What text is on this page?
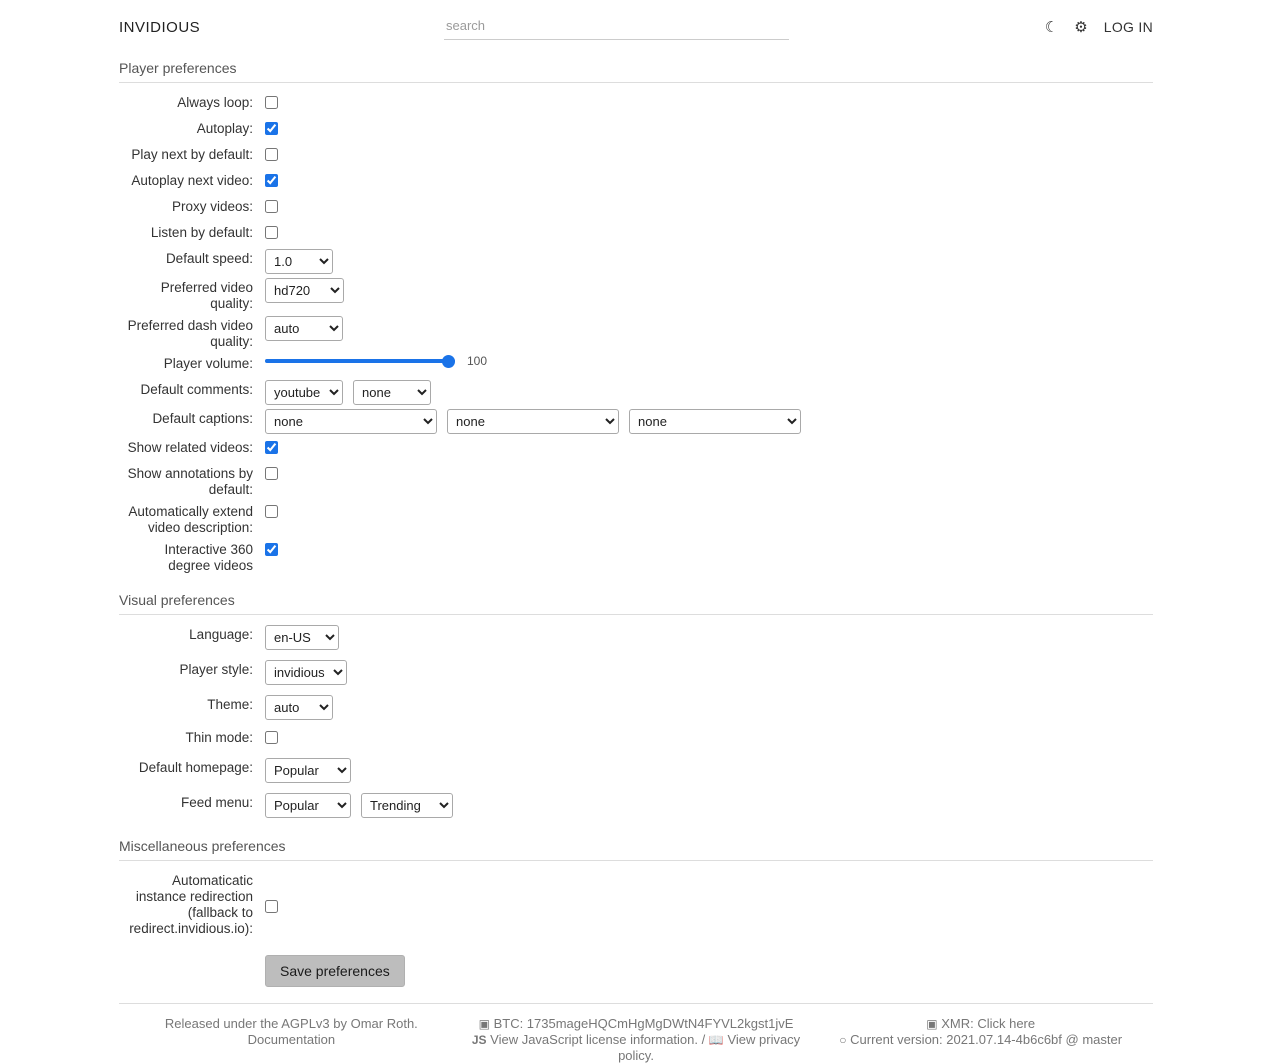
INVIDIOUS
search	☾ ⚙ LOG IN
Player preferences
Always loop:
Autoplay:
Play next by default:
Autoplay next video:
Proxy videos:
Listen by default:
Default speed:
1.0
Preferred video quality:
hd720
Preferred dash video quality:
auto
Player volume:	100
Default comments:
youtube
none
Default captions:
none
none
none
Show related videos:
Show annotations by default:
Automatically extend video description:
Interactive 360 degree videos
Visual preferences
Language:
en-US
Player style:
invidious
Theme:
auto
Thin mode:
Default homepage:
Popular
Feed menu:
Popular
Trending
Miscellaneous preferences
Automaticatic instance redirection (fallback to redirect.invidious.io):
Save preferences
Released under the AGPLv3 by Omar Roth.
Documentation
▣ BTC: 1735mageHQCmHgMgDWtN4FYVL2kgst1jvE
JS View JavaScript license information. / 📖 View privacy policy.
▣ XMR: Click here
○ Current version: 2021.07.14-4b6c6bf @ master
